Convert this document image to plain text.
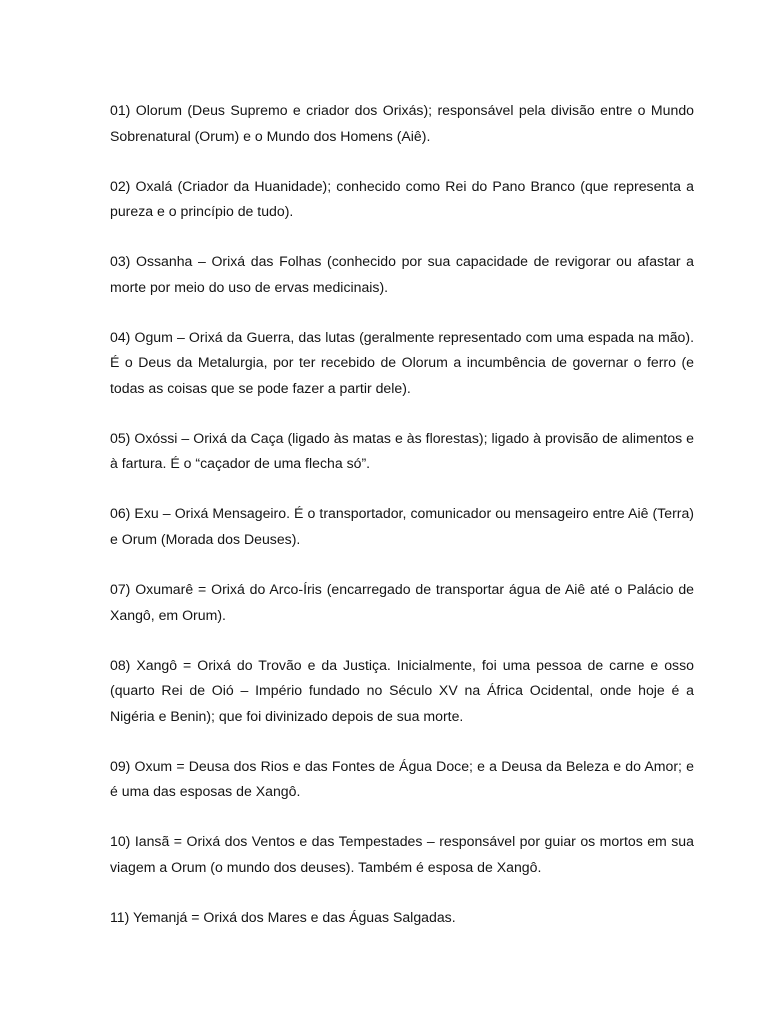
01) Olorum (Deus Supremo e criador dos Orixás); responsável pela divisão entre o Mundo Sobrenatural (Orum) e o Mundo dos Homens (Aiê).

02) Oxalá (Criador da Huanidade); conhecido como Rei do Pano Branco (que representa a pureza e o princípio de tudo).

03) Ossanha – Orixá das Folhas (conhecido por sua capacidade de revigorar ou afastar a morte por meio do uso de ervas medicinais).

04) Ogum – Orixá da Guerra, das lutas (geralmente representado com uma espada na mão). É o Deus da Metalurgia, por ter recebido de Olorum a incumbência de governar o ferro (e todas as coisas que se pode fazer a partir dele).

05) Oxóssi – Orixá da Caça (ligado às matas e às florestas); ligado à provisão de alimentos e à fartura. É o “caçador de uma flecha só”.

06) Exu – Orixá Mensageiro. É o transportador, comunicador ou mensageiro entre Aiê (Terra) e Orum (Morada dos Deuses).

07) Oxumarê = Orixá do Arco-Íris (encarregado de transportar água de Aiê até o Palácio de Xangô, em Orum).

08) Xangô = Orixá do Trovão e da Justiça. Inicialmente, foi uma pessoa de carne e osso (quarto Rei de Oió – Império fundado no Século XV na África Ocidental, onde hoje é a Nigéria e Benin); que foi divinizado depois de sua morte.

09) Oxum = Deusa dos Rios e das Fontes de Água Doce; e a Deusa da Beleza e do Amor; e é uma das esposas de Xangô.

10) Iansã = Orixá dos Ventos e das Tempestades – responsável por guiar os mortos em sua viagem a Orum (o mundo dos deuses). Também é esposa de Xangô.

11) Yemanjá = Orixá dos Mares e das Águas Salgadas.
